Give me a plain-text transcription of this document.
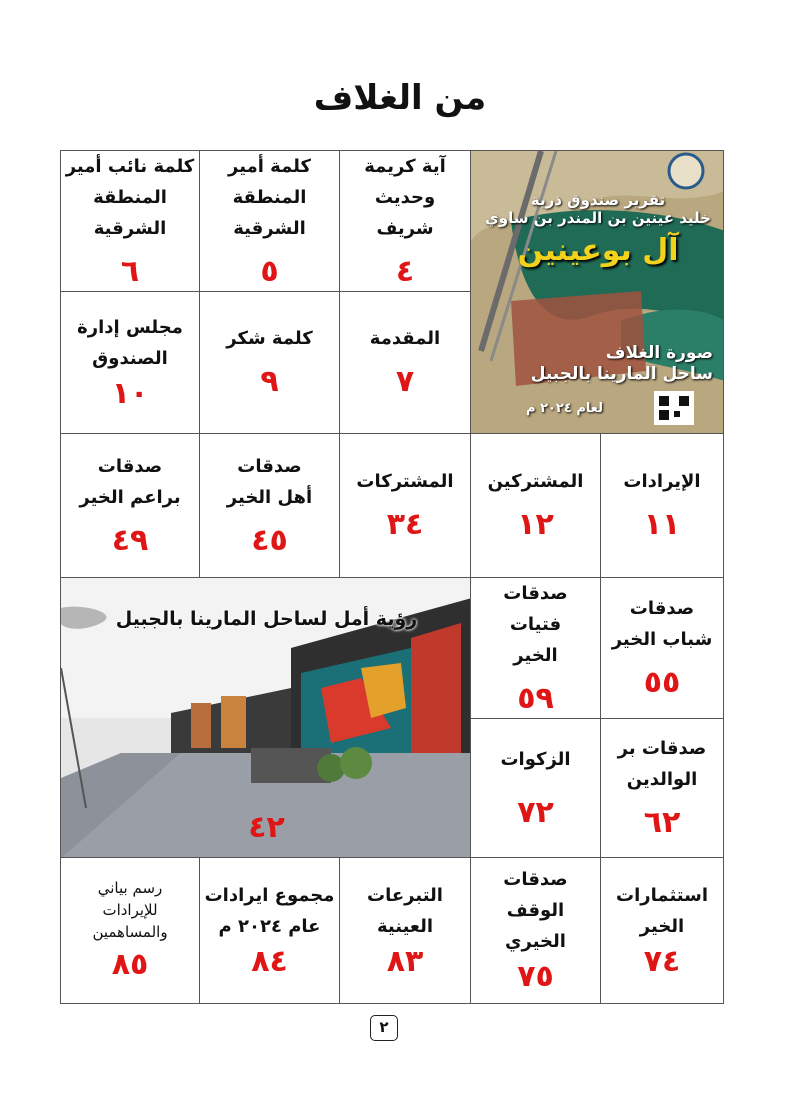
من الغلاف
تقرير صندوق ذرية
خليد عينين بن المندر بن ساوي
آل بوعينين
صورة الغلاف
ساحل المارينا بالجبيل
لعام ٢٠٢٤ م
آية كريمة
وحديث شريف
٤
كلمة أمير
المنطقة الشرقية
٥
كلمة نائب أمير
المنطقة الشرقية
٦
المقدمة
٧
كلمة شكر
٩
مجلس إدارة
الصندوق
١٠
الإيرادات
١١
المشتركين
١٢
المشتركات
٣٤
صدقات
أهل الخير
٤٥
صدقات
براعم الخير
٤٩
رؤية أمل لساحل المارينا بالجبيل
٤٢
صدقات
شباب الخير
٥٥
صدقات فتيات
الخير
٥٩
صدقات بر
الوالدين
٦٢
الزكوات
٧٢
استثمارات
الخير
٧٤
صدقات
الوقف الخيري
٧٥
التبرعات
العينية
٨٣
مجموع ايرادات
عام ٢٠٢٤ م
٨٤
رسم بياني
للإيرادات
والمساهمين
٨٥
٢
